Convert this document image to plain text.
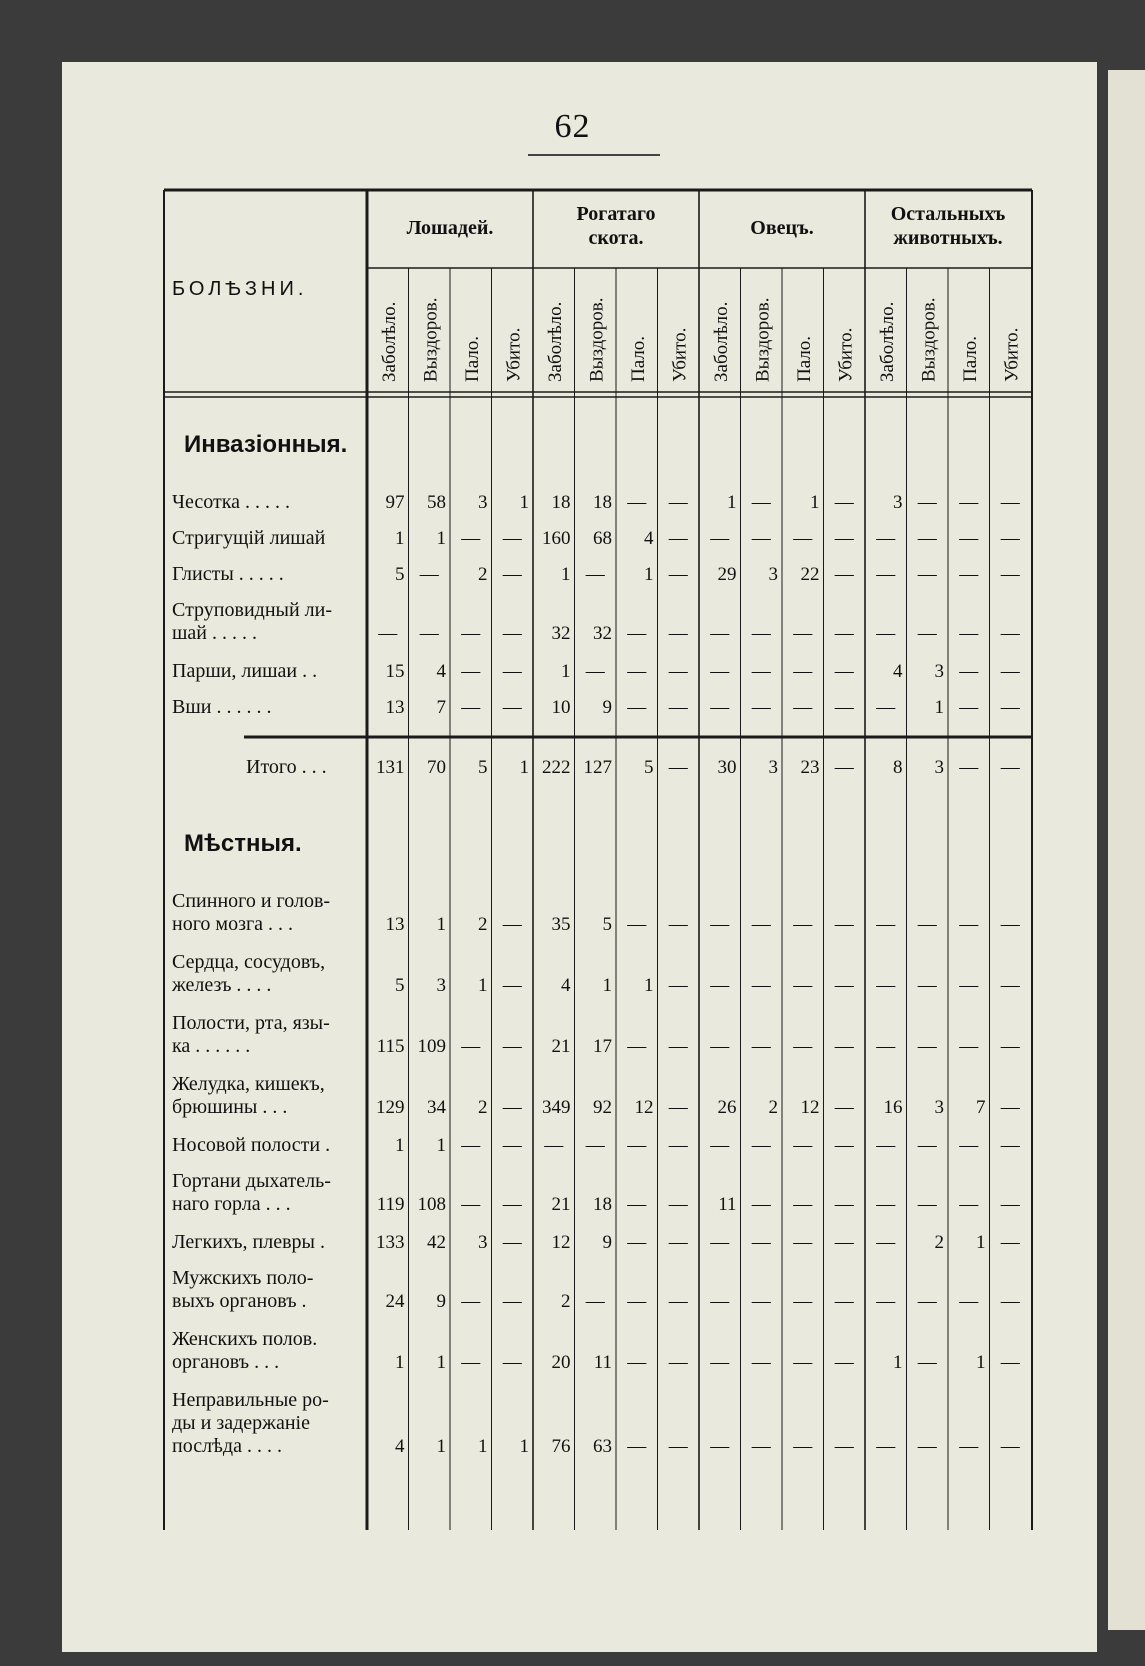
62
БОЛѢЗНИ.
Лошадей.
Рогатаго
скота.	Овецъ.
Остальныхъ
животныхъ.
Заболѣло. Выздоров. Пало. Убито. Заболѣло. Выздоров. Пало. Убито. Заболѣло. Выздоров. Пало. Убито. Заболѣло. Выздоров. Пало. Убито.
Инвазіонныя.
Чесотка . . . . .	97 58 3 1 18 18 — — 1 — 1 — 3 — — —
Стригущій лишай	1 1 — — 160 68 4 — — — — — — — — —
Глисты . . . . .	5 — 2 — 1 — 1 — 29 3 22 — — — — —
Струповидный ли-
шай . . . . .	— — — — 32 32 — — — — — — — — — —
Парши, лишаи . .	15 4 — — 1 — — — — — — — 4 3 — —
Вши . . . . . .	13 7 — — 10 9 — — — — — — — 1 — —
Итого . . .	131 70 5 1 222 127 5 — 30 3 23 — 8 3 — —
Мѣстныя.
Спинного и голов-
ного мозга . . .	13 1 2 — 35 5 — — — — — — — — — —
Сердца, сосудовъ,
железъ . . . .	5 3 1 — 4 1 1 — — — — — — — — —
Полости, рта, язы-
ка . . . . . .	115 109 — — 21 17 — — — — — — — — — —
Желудка, кишекъ,
брюшины . . .	129 34 2 — 349 92 12 — 26 2 12 — 16 3 7 —
Носовой полости .	1 1 — — — — — — — — — — — — — —
Гортани дыхатель-
наго горла . . .	119 108 — — 21 18 — — 11 — — — — — — —
Легкихъ, плевры .	133 42 3 — 12 9 — — — — — — — 2 1 —
Мужскихъ поло-
выхъ органовъ .	24 9 — — 2 — — — — — — — — — — —
Женскихъ полов.
органовъ . . .	1 1 — — 20 11 — — — — — — 1 — 1 —
Неправильные ро-
ды и задержаніе
послѣда . . . .	4 1 1 1 76 63 — — — — — — — — — —
